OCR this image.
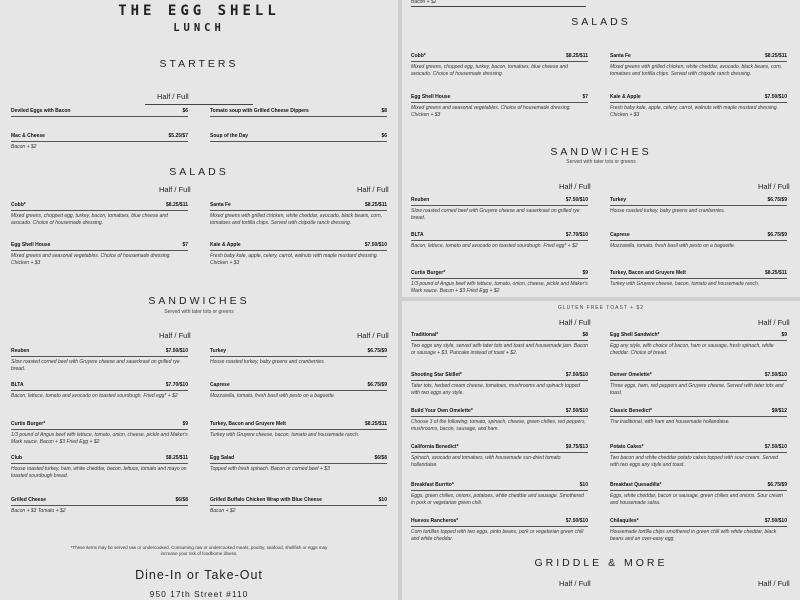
THE EGG SHELL
LUNCH
STARTERS
Half / Full
Deviled Eggs with Bacon	$6	Tomato soup with Grilled Cheese Dippers	$8
Mac & Cheese	$5.25/$7
Bacon + $2
Soup of the Day	$6
SALADS
Half / Full	Half / Full
Cobb*	$8.25/$11
Mixed greens, chopped egg, turkey, bacon, tomatoes, blue cheese and avocado. Choice of housemade dressing.
Santa Fe	$8.25/$11
Mixed greens with grilled chicken, white cheddar, avocado, black beans, corn, tomatoes and tortilla chips. Served with chipotle ranch dressing.
Egg Shell House	$7
Mixed greens and seasonal vegetables. Choice of housemade dressing. Chicken + $3
Kale & Apple	$7.50/$10
Fresh baby kale, apple, celery, carrot, walnuts with maple mustard dressing. Chicken + $3
SANDWICHES
Served with tater tots or greens
Half / Full	Half / Full
Reuben	$7.50/$10
Slow roasted corned beef with Gruyere cheese and sauerkraut on grilled rye bread.
Turkey	$6.75/$9
House roasted turkey, baby greens and cranberries.
BLTA	$7.70/$10
Bacon, lettuce, tomato and avocado on toasted sourdough. Fried egg* + $2
Caprese	$6.75/$9
Mozzarella, tomato, fresh basil with pesto on a baguette.
Curtis Burger*	$9
1/3 pound of Angus beef with lettuce, tomato, onion, cheese, pickle and Maker's Mark sauce. Bacon + $3 Fried Egg + $2
Turkey, Bacon and Gruyere Melt	$8.25/$11
Turkey with Gruyere cheese, bacon, tomato and housemade ranch.
Club	$8.25/$11
House roasted turkey, ham, white cheddar, bacon, lettuce, tomato and mayo on toasted sourdough bread.
Egg Salad	$6/$8
Topped with fresh spinach. Bacon or corned beef + $3
Grilled Cheese	$6/$8
Bacon + $3 Tomato + $2
Grilled Buffalo Chicken Wrap with Blue Cheese	$10
Bacon + $2
*These items may be served raw or undercooked. Consuming raw or undercooked meats, poultry, seafood, shellfish or eggs may increase your risk of foodborne illness.
Dine-In or Take-Out
950 17th Street #110
Bacon + $2
SALADS
Cobb*	$8.25/$11
Mixed greens, chopped egg, turkey, bacon, tomatoes, blue cheese and avocado. Choice of housemade dressing.
Santa Fe	$8.25/$11
Mixed greens with grilled chicken, white cheddar, avocado, black beans, corn, tomatoes and tortilla chips. Served with chipotle ranch dressing.
Egg Shell House	$7
Mixed greens and seasonal vegetables. Choice of housemade dressing. Chicken + $3
Kale & Apple	$7.50/$10
Fresh baby kale, apple, celery, carrot, walnuts with maple mustard dressing. Chicken + $3
SANDWICHES
Served with tater tots or greens
Half / Full	Half / Full
Reuben	$7.50/$10
Slow roasted corned beef with Gruyere cheese and sauerkraut on grilled rye bread.
Turkey	$6.75/$9
House roasted turkey, baby greens and cranberries.
BLTA	$7.70/$10
Bacon, lettuce, tomato and avocado on toasted sourdough. Fried egg* + $2
Caprese	$6.75/$9
Mozzarella, tomato, fresh basil with pesto on a baguette.
Curtis Burger*	$9
1/3 pound of Angus beef with lettuce, tomato, onion, cheese, pickle and Maker's Mark sauce. Bacon + $3 Fried Egg + $2
Turkey, Bacon and Gruyere Melt	$8.25/$11
Turkey with Gruyere cheese, bacon, tomato and housemade ranch.
GLUTEN FREE TOAST + $2
Half / Full	Half / Full
Traditional*	$8
Two eggs any style, served with tater tots and toast and housemade jam. Bacon or sausage + $3. Pancake instead of toast + $2.
Egg Shell Sandwich*	$9
Egg any style, with choice of bacon, ham or sausage, fresh spinach, white cheddar. Choice of bread.
Shooting Star Skillet*	$7.50/$10
Tater tots, herbed cream cheese, tomatoes, mushrooms and spinach topped with two eggs any style.
Denver Omelette*	$7.50/$10
Three eggs, ham, red peppers and Gruyere cheese. Served with tater tots and toast.
Build Your Own Omelette*	$7.50/$10
Choose 3 of the following: tomato, spinach, cheese, green chilies, red peppers, mushrooms, bacon, sausage, and ham.
Classic Benedict*	$9/$12
The traditional, with ham and housemade hollandaise.
California Benedict*	$9.75/$13
Spinach, avocado and tomatoes, with housemade sun-dried tomato hollandaise.
Potato Cakes*	$7.50/$10
Two bacon and white cheddar potato cakes topped with sour cream. Served with two eggs any style and toast.
Breakfast Burrito*	$10
Eggs, green chilies, onions, potatoes, white cheddar and sausage. Smothered in pork or vegetarian green chili.
Breakfast Quesadilla*	$6.75/$9
Eggs, white cheddar, bacon or sausage, green chilies and onions. Sour cream and housemade salsa.
Huevos Rancheros*	$7.50/$10
Corn tortillas topped with two eggs, pinto beans, pork or vegetarian green chili and white cheddar.
Chilaquiles*	$7.50/$10
Housemade tortilla chips smothered in green chili with white cheddar, black beans and an over-easy egg.
GRIDDLE & MORE
Half / Full	Half / Full
